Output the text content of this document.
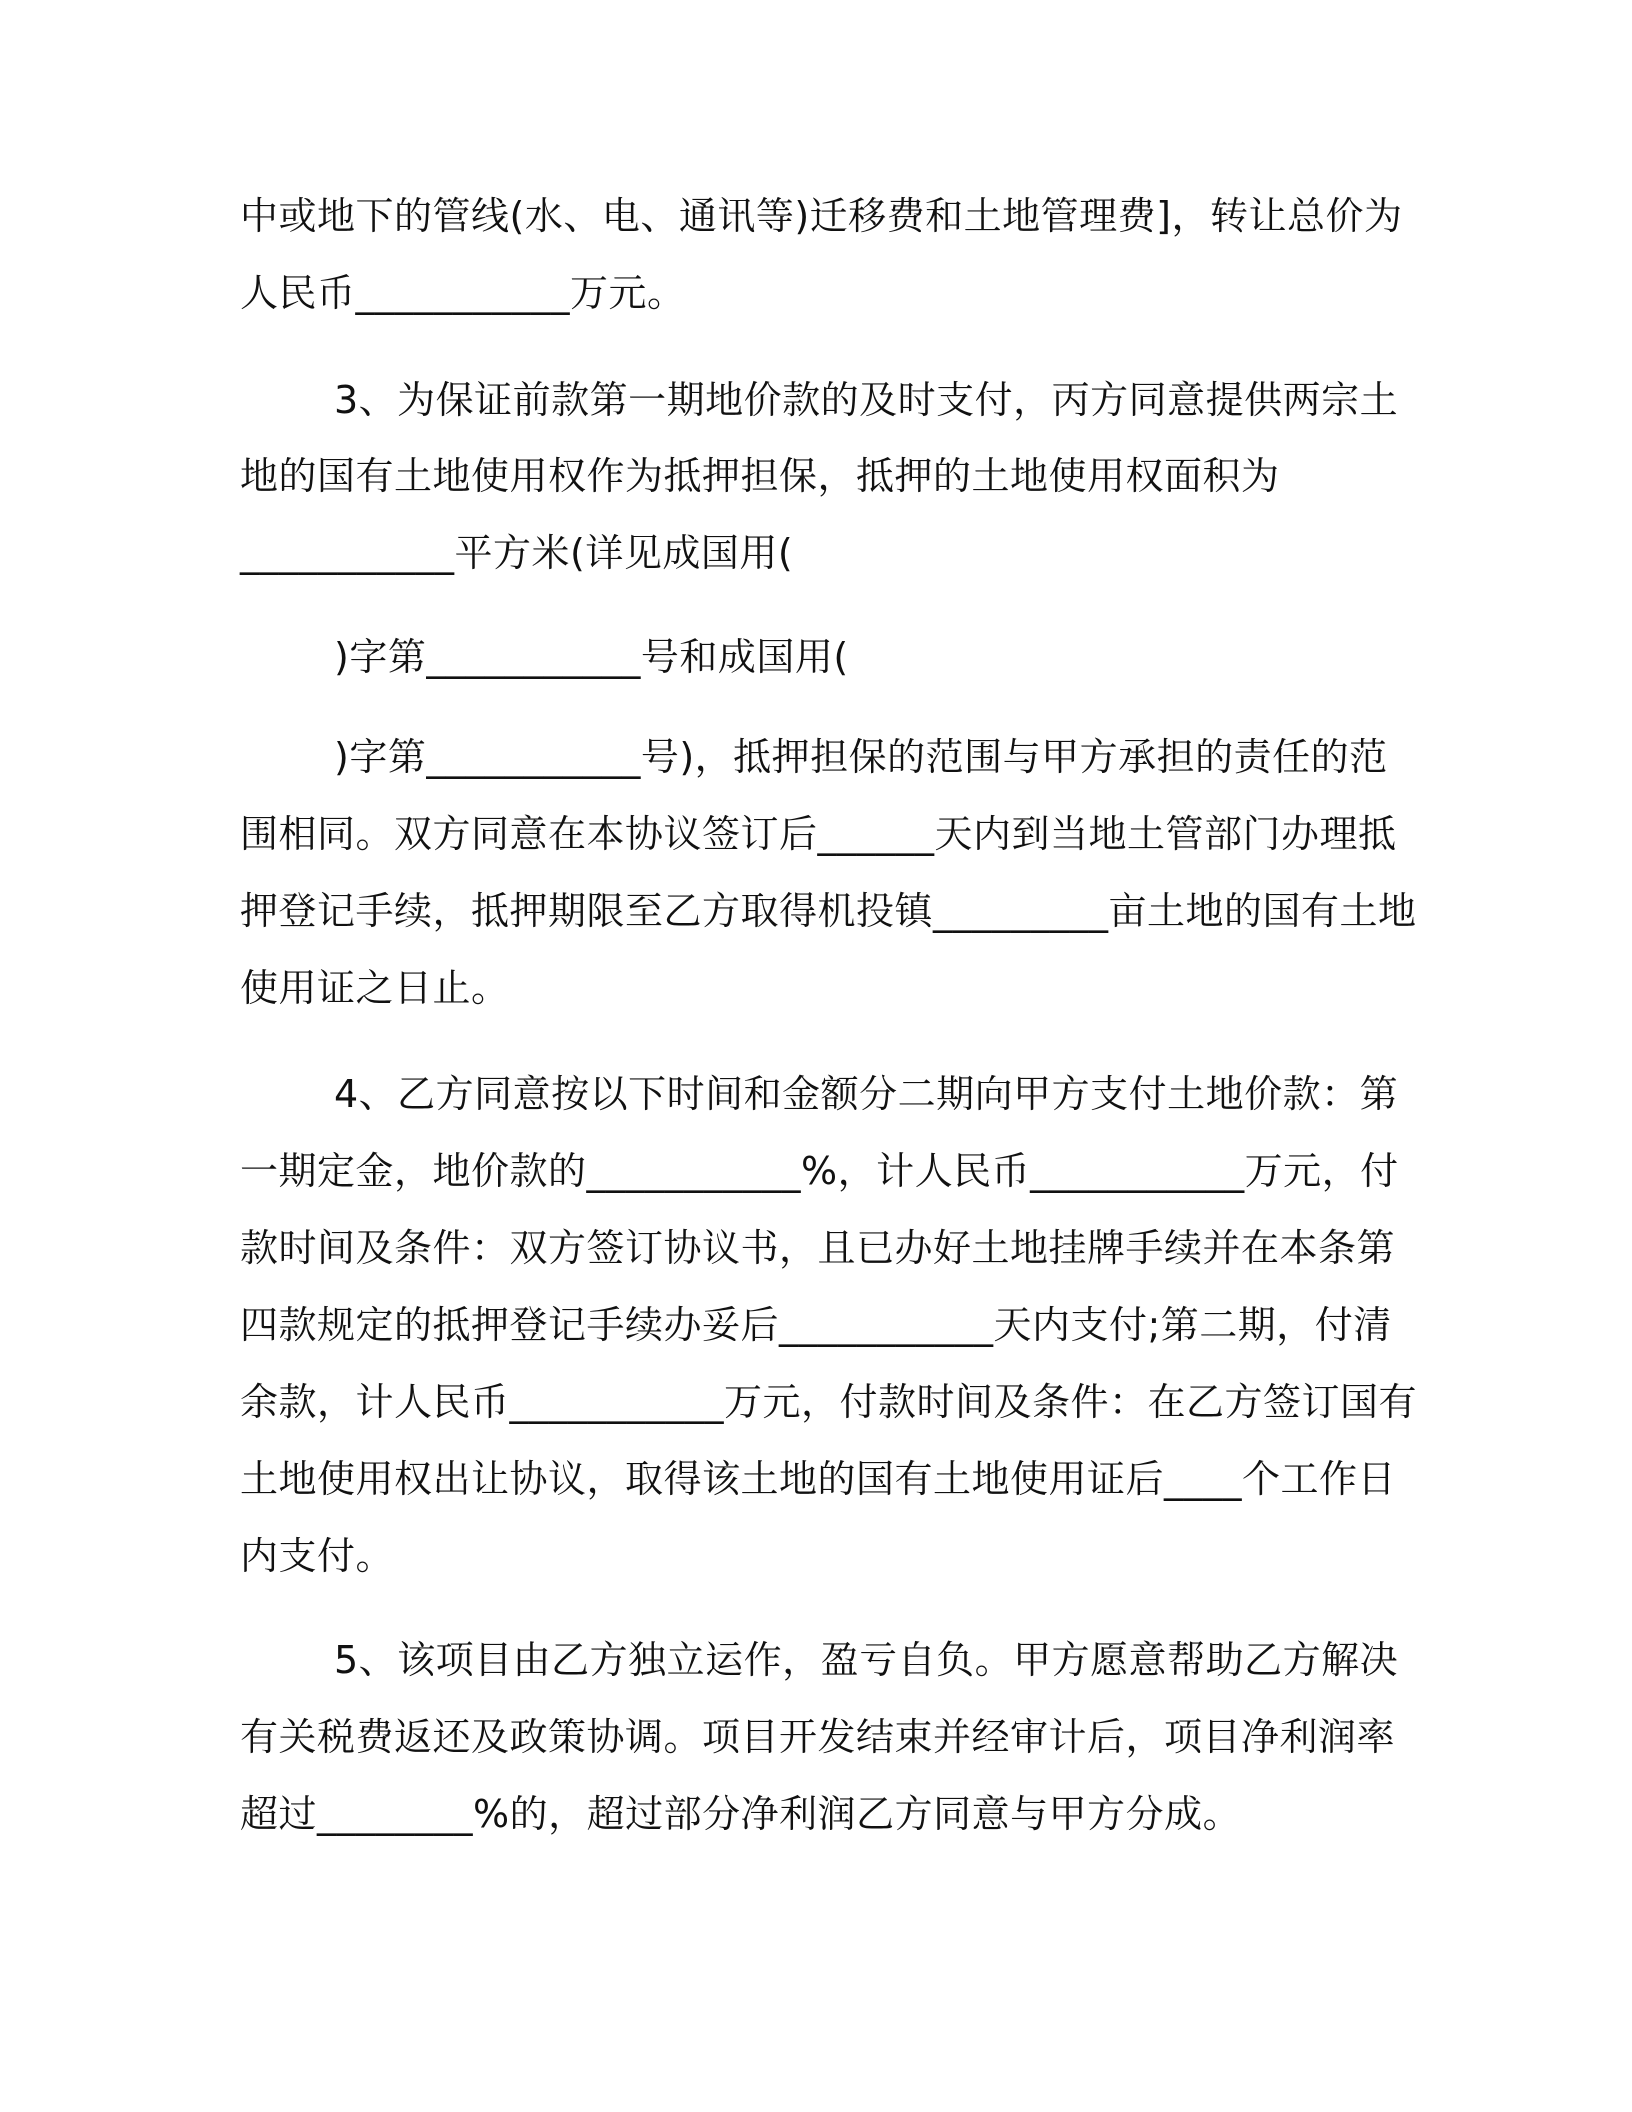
中或地下的管线(水、电、通讯等)迁移费和土地管理费]，转让总价为
人民币___________万元。
3、为保证前款第一期地价款的及时支付，丙方同意提供两宗土
地的国有土地使用权作为抵押担保，抵押的土地使用权面积为
___________平方米(详见成国用(
)字第___________号和成国用(
)字第___________号)，抵押担保的范围与甲方承担的责任的范
围相同。双方同意在本协议签订后______天内到当地土管部门办理抵
押登记手续，抵押期限至乙方取得机投镇_________亩土地的国有土地
使用证之日止。
4、乙方同意按以下时间和金额分二期向甲方支付土地价款：第
一期定金，地价款的___________%，计人民币___________万元，付
款时间及条件：双方签订协议书，且已办好土地挂牌手续并在本条第
四款规定的抵押登记手续办妥后___________天内支付;第二期，付清
余款，计人民币___________万元，付款时间及条件：在乙方签订国有
土地使用权出让协议，取得该土地的国有土地使用证后____个工作日
内支付。
5、该项目由乙方独立运作，盈亏自负。甲方愿意帮助乙方解决
有关税费返还及政策协调。项目开发结束并经审计后，项目净利润率
超过________%的，超过部分净利润乙方同意与甲方分成。
